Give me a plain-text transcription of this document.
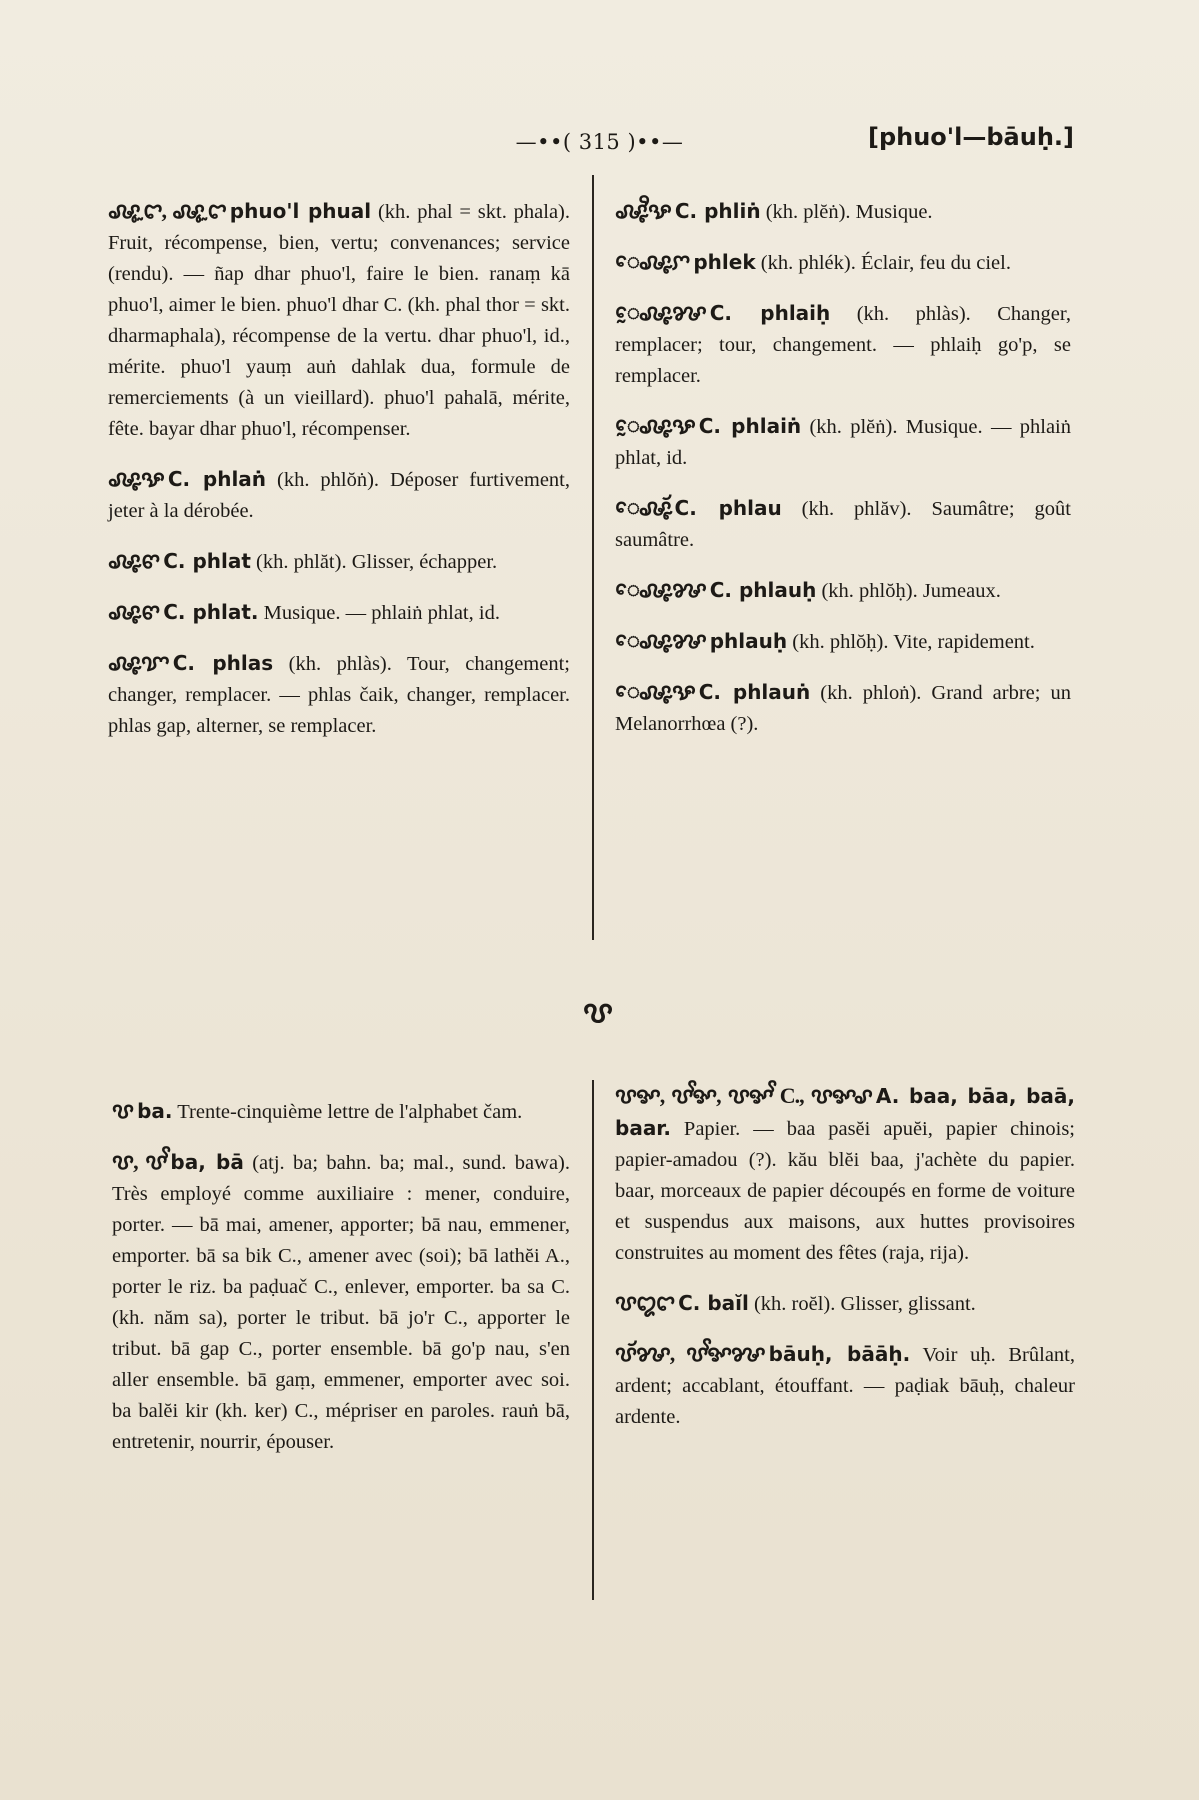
—••( 315 )••—	[phuo'l—bāuḥ.]
ꨝ
ꨜꨶꨭꨤ, ꨜꨶꨭꨤ phuo'l phual (kh. phal = skt. phala). Fruit, récompense, bien, vertu; convenances; service (rendu). — ñap dhar phuo'l, faire le bien. ranaṃ kā phuo'l, aimer le bien. phuo'l dhar C. (kh. phal thor = skt. dharmaphala), récompense de la vertu. dhar phuo'l, id., mérite. phuo'l yauṃ auṅ dahlak dua, formule de remerciements (à un vieillard). phuo'l pahalā, mérite, fête. bayar dhar phuo'l, récompenser.
ꨜꨵꨊ C. phlaṅ (kh. phlŏṅ). Déposer furtivement, jeter à la dérobée.
ꨜꨵꨓ C. phlat (kh. phlăt). Glisser, échapper.
ꨜꨵꨓ C. phlat. Musique. — phlaiṅ phlat, id.
ꨜꨵꨢ C. phlas (kh. phlàs). Tour, changement; changer, remplacer. — phlas čaik, changer, remplacer. phlas gap, alterner, se remplacer.
ꨜꨵꨪꨊ C. phliṅ (kh. plĕṅ). Musique.
ꨯꨜꨵꨆ phlek (kh. phlék). Éclair, feu du ciel.
ꨰꨜꨵꨍ C. phlaiḥ (kh. phlàs). Changer, remplacer; tour, changement. — phlaiḥ go'p, se remplacer.
ꨰꨜꨵꨊ C. phlaiṅ (kh. plĕṅ). Musique. — phlaiṅ phlat, id.
ꨯꨜꨵꨮ C. phlau (kh. phlăv). Saumâtre; goût saumâtre.
ꨯꨜꨵꨍ C. phlauḥ (kh. phlŏḥ). Jumeaux.
ꨯꨜꨵꨍ phlauḥ (kh. phlŏḥ). Vite, rapidement.
ꨯꨜꨵꨊ C. phlauṅ (kh. phloṅ). Grand arbre; un Melanorrhœa (?).
ꨝ ba. Trente-cinquième lettre de l'alphabet čam.
ꨝ, ꨝꨩ ba, bā (atj. ba; bahn. ba; mal., sund. bawa). Très employé comme auxiliaire : mener, conduire, porter. — bā mai, amener, apporter; bā nau, emmener, emporter. bā sa bik C., amener avec (soi); bā lathĕi A., porter le riz. ba paḍuač C., enlever, emporter. ba sa C. (kh. năm sa), porter le tribut. bā jo'r C., apporter le tribut. bā gap C., porter ensemble. bā go'p nau, s'en aller ensemble. bā gaṃ, emmener, emporter avec soi. ba balĕi kir (kh. ker) C., mépriser en paroles. rauṅ bā, entretenir, nourrir, épouser.
ꨝꨀ, ꨝꨩꨀ, ꨝꨀꨩ C., ꨝꨀꨣ A. baa, bāa, baā, baar. Papier. — baa pasĕi apuĕi, papier chinois; papier-amadou (?). kău blĕi baa, j'achète du papier. baar, morceaux de papier découpés en forme de voiture et suspendus aux maisons, aux huttes provisoires construites au moment des fêtes (raja, rija).
ꨝꨁꨤ C. baĭl (kh. roĕl). Glisser, glissant.
ꨝꨮꨍ, ꨝꨩꨀꨍ bāuḥ, bāāḥ. Voir uḥ. Brûlant, ardent; accablant, étouffant. — paḍiak bāuḥ, chaleur ardente.
